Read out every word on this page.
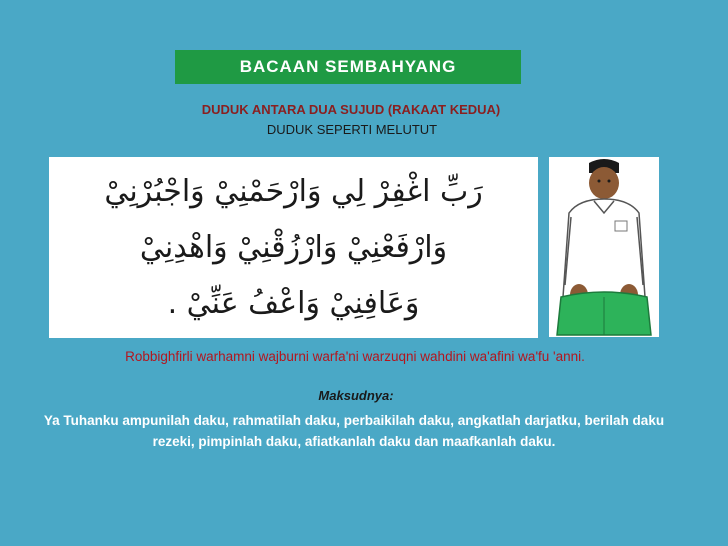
BACAAN SEMBAHYANG
DUDUK ANTARA DUA SUJUD (RAKAAT KEDUA)
DUDUK SEPERTI MELUTUT
رَبِّ اغْفِرْ لِي وَارْحَمْنِيْ وَاجْبُرْنِيْ
وَارْفَعْنِيْ وَارْزُقْنِيْ وَاهْدِنِيْ
وَعَافِنِيْ وَاعْفُ عَنِّيْ .
Robbighfirli warhamni wajburni warfa'ni warzuqni wahdini wa'afini wa'fu 'anni.
Maksudnya:
Ya Tuhanku ampunilah daku, rahmatilah daku, perbaikilah daku, angkatlah darjatku, berilah daku rezeki, pimpinlah daku, afiatkanlah daku dan maafkanlah daku.
